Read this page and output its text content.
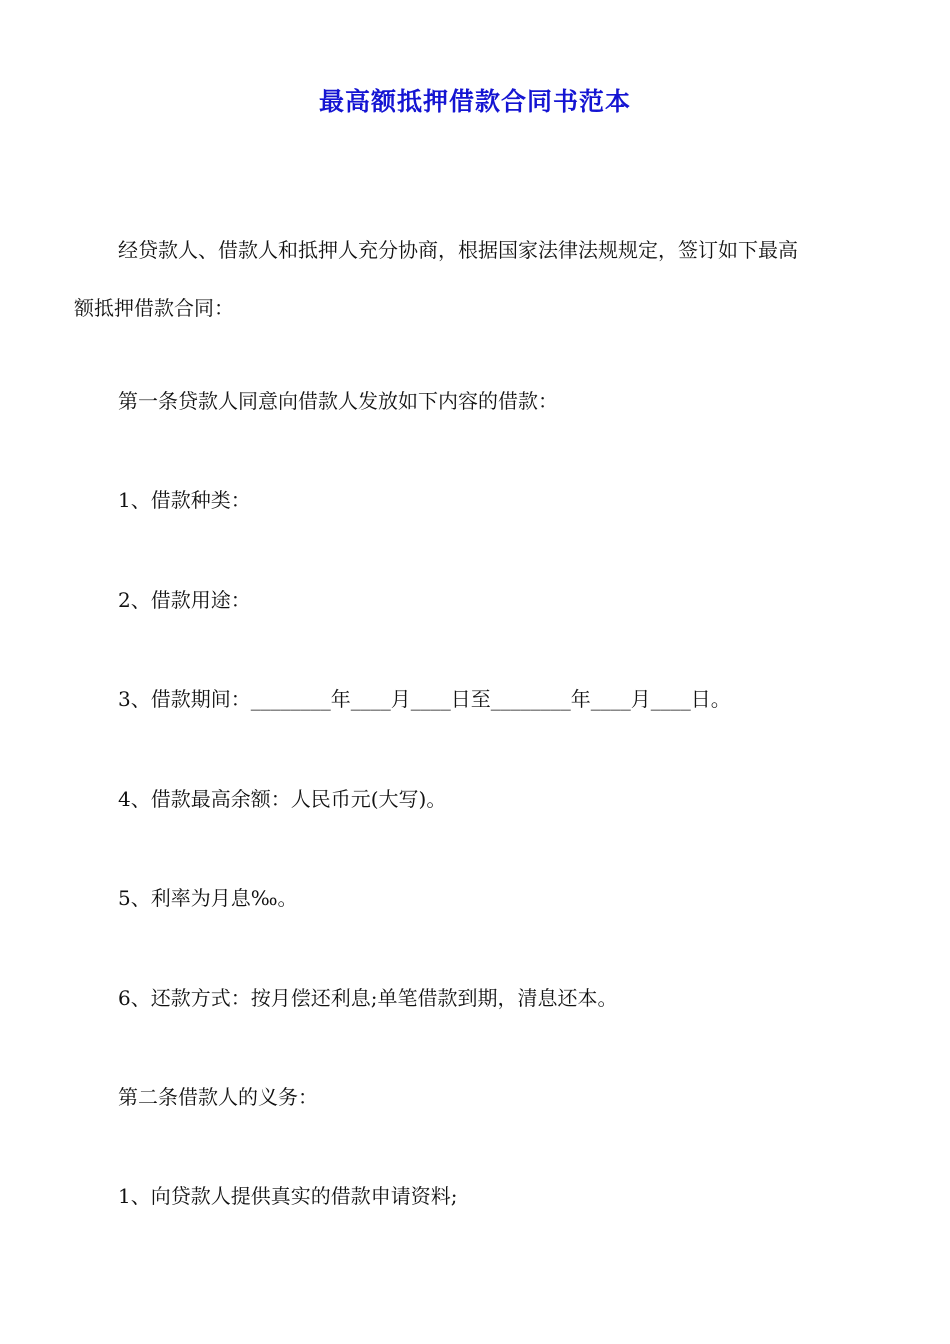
最高额抵押借款合同书范本
经贷款人、借款人和抵押人充分协商，根据国家法律法规规定，签订如下最高
额抵押借款合同：
第一条贷款人同意向借款人发放如下内容的借款：
1、借款种类：
2、借款用途：
3、借款期间：________年____月____日至________年____月____日。
4、借款最高余额：人民币元(大写)。
5、利率为月息‰。
6、还款方式：按月偿还利息;单笔借款到期，清息还本。
第二条借款人的义务：
1、向贷款人提供真实的借款申请资料;
